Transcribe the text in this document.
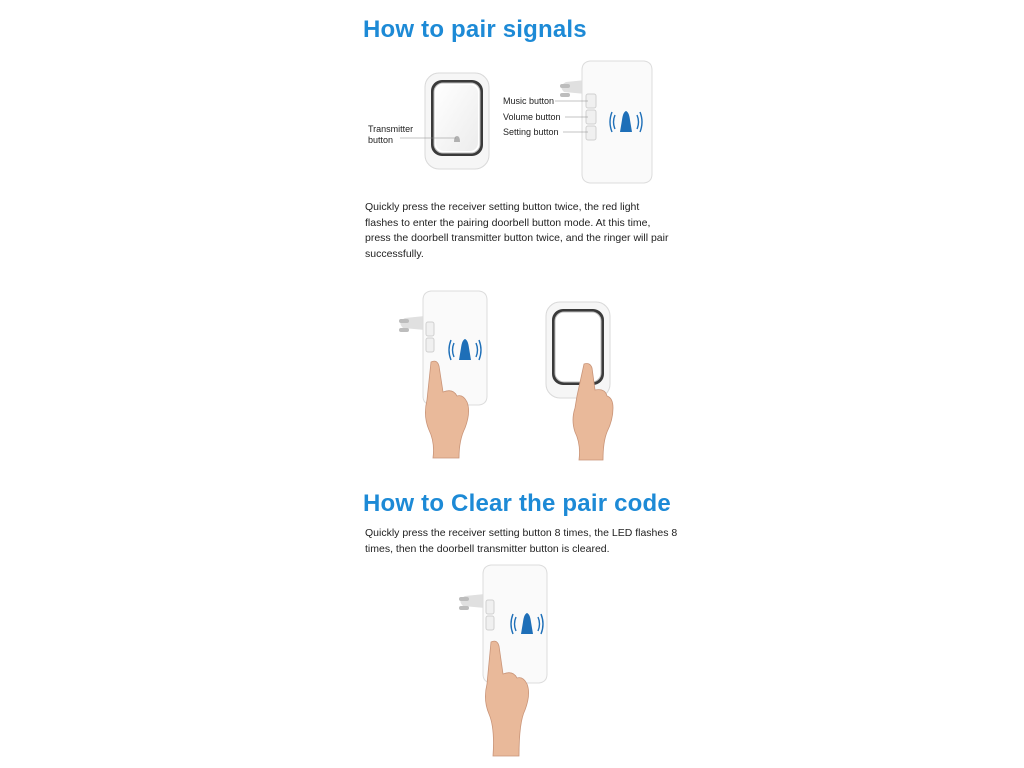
How to pair signals
Transmitter button
Music button
Volume button
Setting button

Quickly press the receiver setting button twice, the red light flashes to enter the pairing doorbell button mode. At this time, press the doorbell transmitter button twice, and the ringer will pair successfully.

How to Clear the pair code

Quickly press the receiver setting button 8 times, the LED flashes 8 times, then the doorbell transmitter button is cleared.
